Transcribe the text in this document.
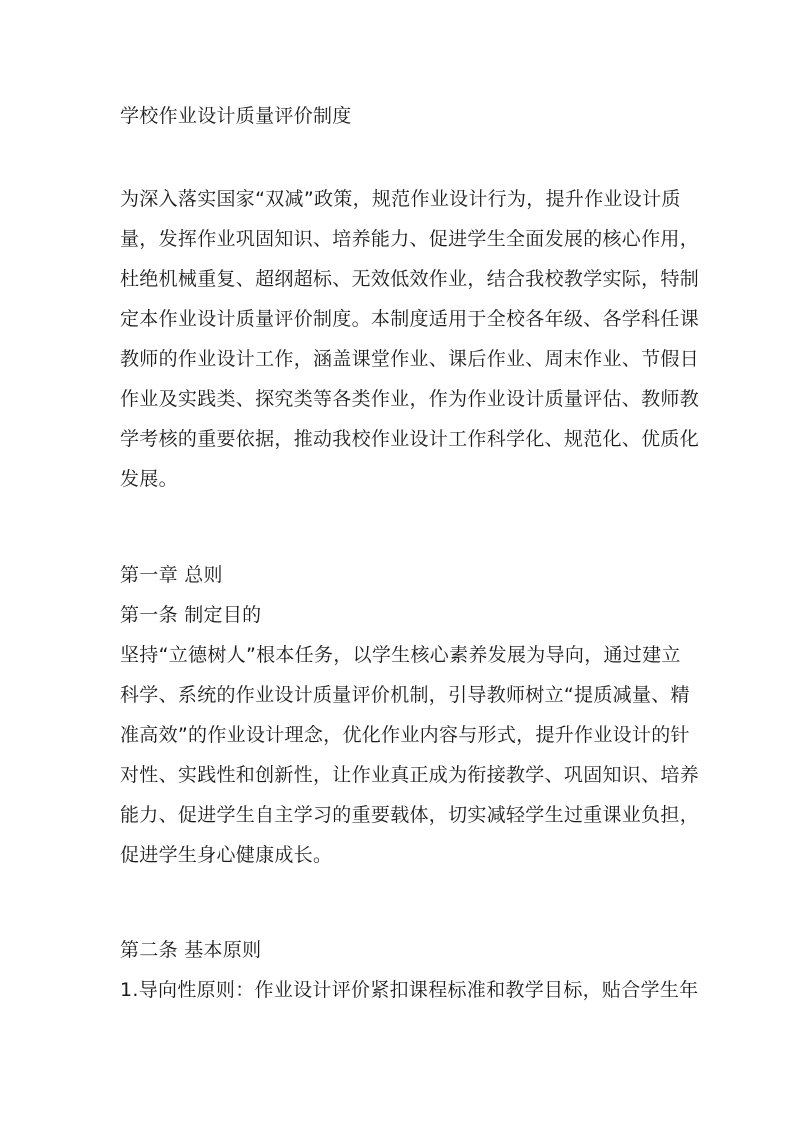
学校作业设计质量评价制度
为深入落实国家“双减”政策，规范作业设计行为，提升作业设计质
量，发挥作业巩固知识、培养能力、促进学生全面发展的核心作用，
杜绝机械重复、超纲超标、无效低效作业，结合我校教学实际，特制
定本作业设计质量评价制度。本制度适用于全校各年级、各学科任课
教师的作业设计工作，涵盖课堂作业、课后作业、周末作业、节假日
作业及实践类、探究类等各类作业，作为作业设计质量评估、教师教
学考核的重要依据，推动我校作业设计工作科学化、规范化、优质化
发展。
第一章 总则
第一条 制定目的
坚持“立德树人”根本任务，以学生核心素养发展为导向，通过建立
科学、系统的作业设计质量评价机制，引导教师树立“提质减量、精
准高效”的作业设计理念，优化作业内容与形式，提升作业设计的针
对性、实践性和创新性，让作业真正成为衔接教学、巩固知识、培养
能力、促进学生自主学习的重要载体，切实减轻学生过重课业负担，
促进学生身心健康成长。
第二条 基本原则
1.导向性原则：作业设计评价紧扣课程标准和教学目标，贴合学生年
